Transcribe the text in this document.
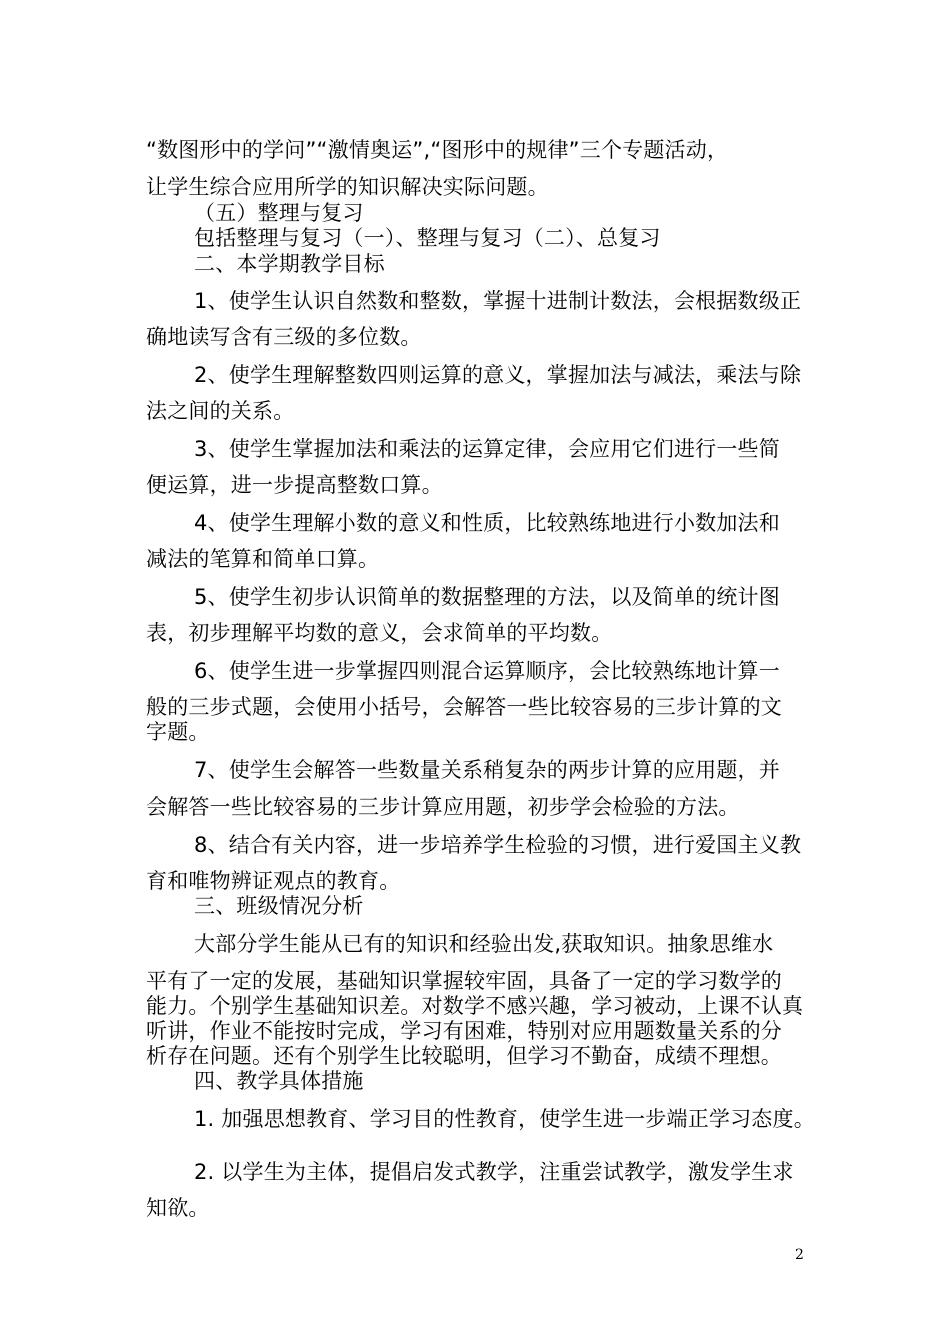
“数图形中的学问”“激情奥运”,“图形中的规律”三个专题活动，

让学生综合应用所学的知识解决实际问题。

（五）整理与复习

包括整理与复习（一）、整理与复习（二）、总复习

二、本学期教学目标

1、使学生认识自然数和整数，掌握十进制计数法，会根据数级正

确地读写含有三级的多位数。

2、使学生理解整数四则运算的意义，掌握加法与减法，乘法与除

法之间的关系。

3、使学生掌握加法和乘法的运算定律，会应用它们进行一些简

便运算，进一步提高整数口算。

4、使学生理解小数的意义和性质，比较熟练地进行小数加法和

减法的笔算和简单口算。

5、使学生初步认识简单的数据整理的方法，以及简单的统计图

表，初步理解平均数的意义，会求简单的平均数。

6、使学生进一步掌握四则混合运算顺序，会比较熟练地计算一

般的三步式题，会使用小括号，会解答一些比较容易的三步计算的文

字题。

7、使学生会解答一些数量关系稍复杂的两步计算的应用题，并

会解答一些比较容易的三步计算应用题，初步学会检验的方法。

8、结合有关内容，进一步培养学生检验的习惯，进行爱国主义教

育和唯物辨证观点的教育。

三、班级情况分析

大部分学生能从已有的知识和经验出发,获取知识。抽象思维水

平有了一定的发展，基础知识掌握较牢固，具备了一定的学习数学的

能力。个别学生基础知识差。对数学不感兴趣，学习被动，上课不认真

听讲，作业不能按时完成，学习有困难，特别对应用题数量关系的分

析存在问题。还有个别学生比较聪明，但学习不勤奋，成绩不理想。

四、教学具体措施

1. 加强思想教育、学习目的性教育，使学生进一步端正学习态度。

2. 以学生为主体，提倡启发式教学，注重尝试教学，激发学生求

知欲。

2
